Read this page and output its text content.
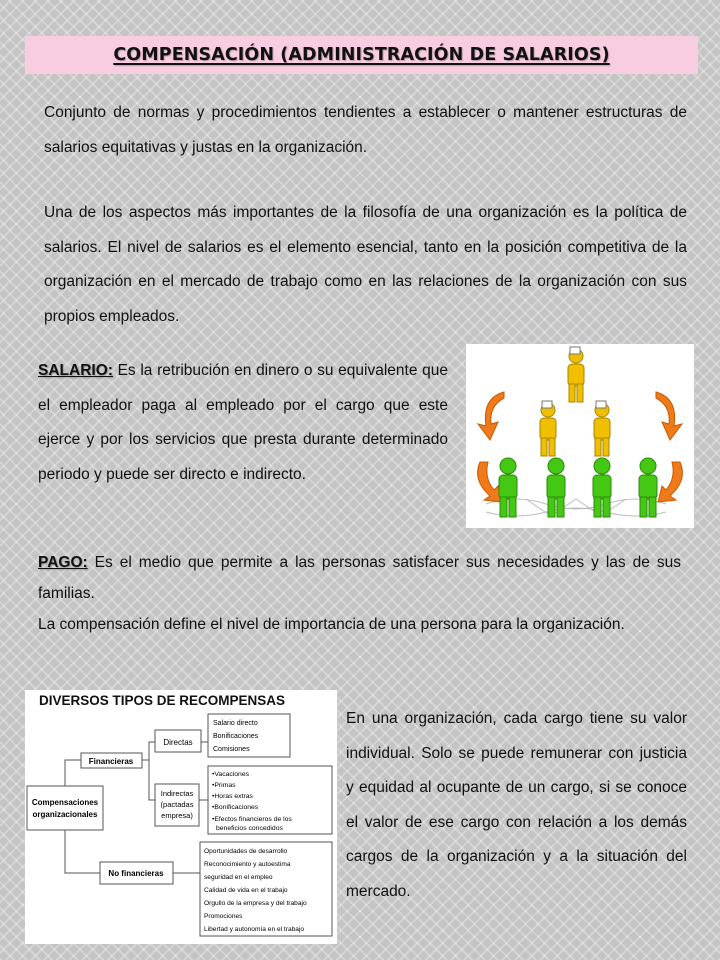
COMPENSACIÓN (ADMINISTRACIÓN DE SALARIOS)
Conjunto de normas y procedimientos tendientes a establecer o mantener estructuras de salarios equitativas y justas en la organización.
Una de los aspectos más importantes de la filosofía de una organización es la política de salarios. El nivel de salarios es el elemento esencial, tanto en la posición competitiva de la organización en el mercado de trabajo como en las relaciones de la organización con sus propios empleados.
SALARIO: Es la retribución en dinero o su equivalente que el empleador paga al empleado por el cargo que este ejerce y por los servicios que presta durante determinado periodo y puede ser directo e indirecto.
PAGO: Es el medio que permite a las personas satisfacer sus necesidades y las de sus familias.
La compensación define el nivel de importancia de una persona para la organización.
DIVERSOS TIPOS DE RECOMPENSAS
Compensaciones
organizacionales
Financieras
Directas
Salario directo
Bonificaciones
Comisiones
Indirectas
(pactadas
empresa)
•Vacaciones
•Primas
•Horas extras
•Bonificaciones
•Efectos financieros de los
beneficios concedidos
No financieras
Oportunidades de desarrollo
Reconocimiento y autoestima
seguridad en el empleo
Calidad de vida en el trabajo
Orgullo de la empresa y del trabajo
Promociones
Libertad y autonomía en el trabajo
En una organización, cada cargo tiene su valor individual. Solo se puede remunerar con justicia y equidad al ocupante de un cargo, si se conoce el valor de ese cargo con relación a los demás cargos de la organización y a la situación del mercado.
